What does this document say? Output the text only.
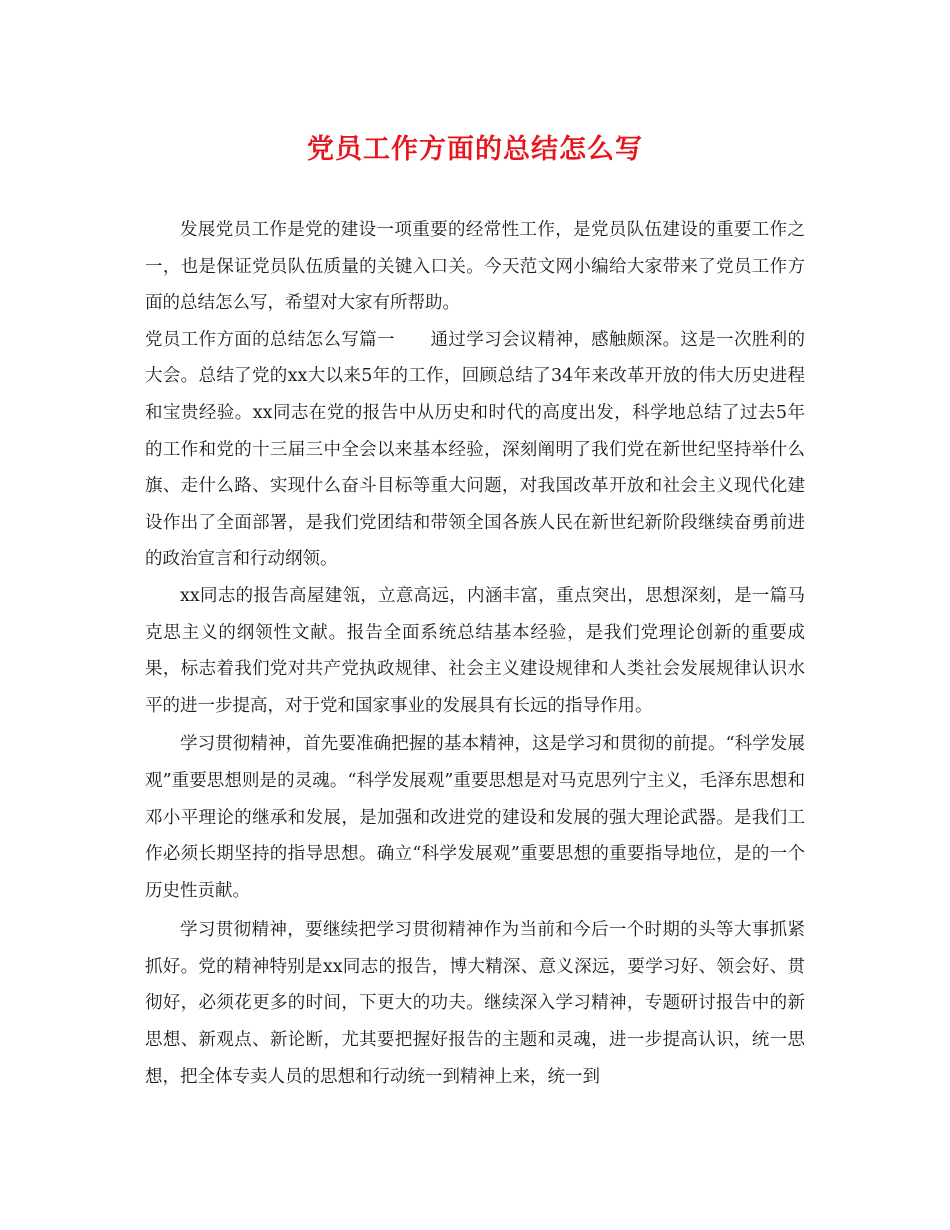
党员工作方面的总结怎么写

发展党员工作是党的建设一项重要的经常性工作，是党员队伍建设的重要工作之一，也是保证党员队伍质量的关键入口关。今天范文网小编给大家带来了党员工作方面的总结怎么写，希望对大家有所帮助。

党员工作方面的总结怎么写篇一　　通过学习会议精神，感触颇深。这是一次胜利的大会。总结了党的xx大以来5年的工作，回顾总结了34年来改革开放的伟大历史进程和宝贵经验。xx同志在党的报告中从历史和时代的高度出发，科学地总结了过去5年的工作和党的十三届三中全会以来基本经验，深刻阐明了我们党在新世纪坚持举什么旗、走什么路、实现什么奋斗目标等重大问题，对我国改革开放和社会主义现代化建设作出了全面部署，是我们党团结和带领全国各族人民在新世纪新阶段继续奋勇前进的政治宣言和行动纲领。

xx同志的报告高屋建瓴，立意高远，内涵丰富，重点突出，思想深刻，是一篇马克思主义的纲领性文献。报告全面系统总结基本经验，是我们党理论创新的重要成果，标志着我们党对共产党执政规律、社会主义建设规律和人类社会发展规律认识水平的进一步提高，对于党和国家事业的发展具有长远的指导作用。

学习贯彻精神，首先要准确把握的基本精神，这是学习和贯彻的前提。“科学发展观”重要思想则是的灵魂。“科学发展观”重要思想是对马克思列宁主义，毛泽东思想和邓小平理论的继承和发展，是加强和改进党的建设和发展的强大理论武器。是我们工作必须长期坚持的指导思想。确立“科学发展观”重要思想的重要指导地位，是的一个历史性贡献。

学习贯彻精神，要继续把学习贯彻精神作为当前和今后一个时期的头等大事抓紧抓好。党的精神特别是xx同志的报告，博大精深、意义深远，要学习好、领会好、贯彻好，必须花更多的时间，下更大的功夫。继续深入学习精神，专题研讨报告中的新思想、新观点、新论断，尤其要把握好报告的主题和灵魂，进一步提高认识，统一思想，把全体专卖人员的思想和行动统一到精神上来，统一到
